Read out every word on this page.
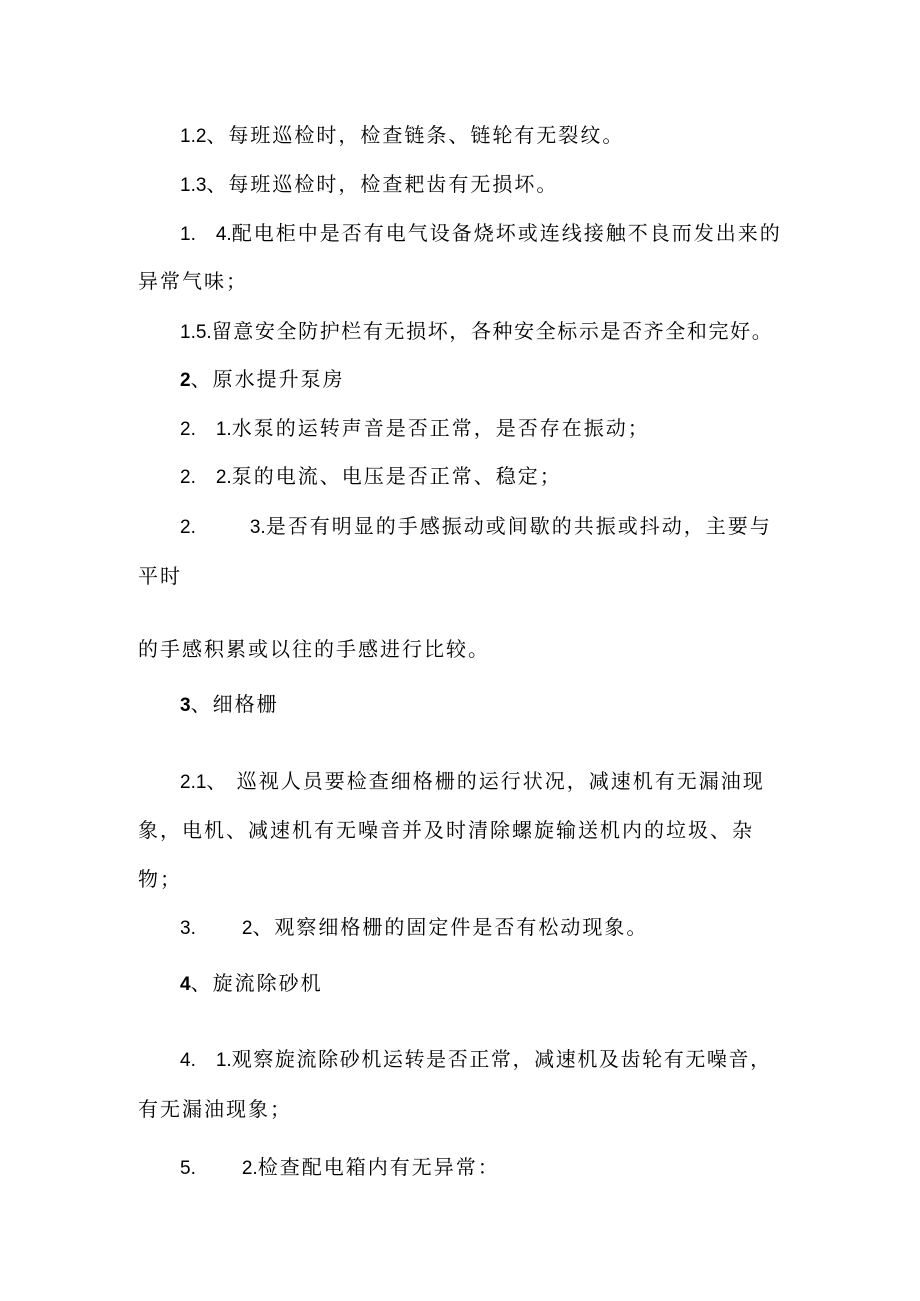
1.2、每班巡检时，检查链条、链轮有无裂纹。
1.3、每班巡检时，检查耙齿有无损坏。
1. 4.配电柜中是否有电气设备烧坏或连线接触不良而发出来的
异常气味；
1.5.留意安全防护栏有无损坏，各种安全标示是否齐全和完好。
2、原水提升泵房
2. 1.水泵的运转声音是否正常，是否存在振动；
2. 2.泵的电流、电压是否正常、稳定；
2.	3.是否有明显的手感振动或间歇的共振或抖动，主要与
平时
的手感积累或以往的手感进行比较。
3、细格栅
2.1、 巡视人员要检查细格栅的运行状况，减速机有无漏油现
象，电机、减速机有无噪音并及时清除螺旋输送机内的垃圾、杂
物；
3. 2、观察细格栅的固定件是否有松动现象。
4、旋流除砂机
4. 1.观察旋流除砂机运转是否正常，减速机及齿轮有无噪音，
有无漏油现象；
5. 2.检查配电箱内有无异常：
